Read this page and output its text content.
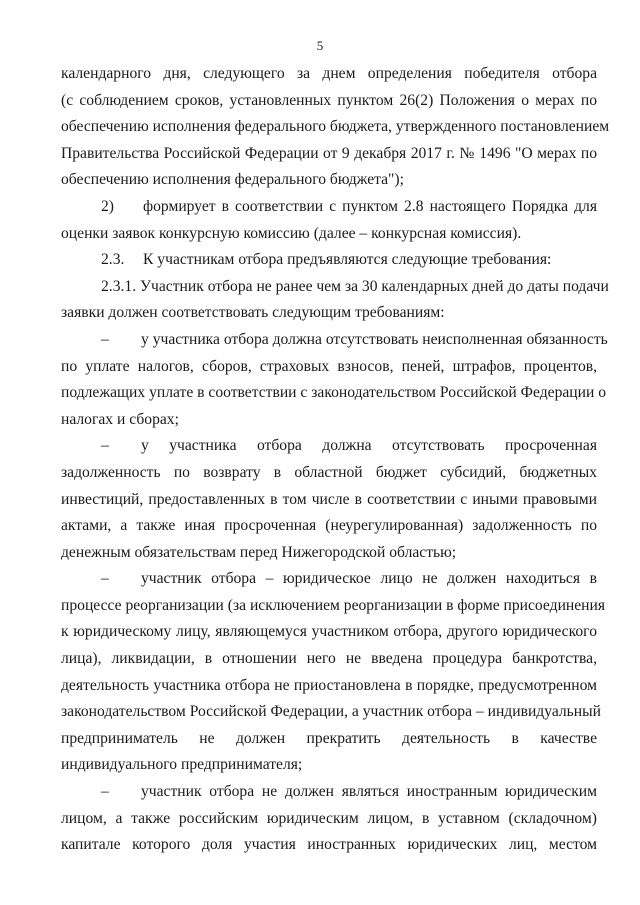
5
календарного дня, следующего за днем определения победителя отбора
(с соблюдением сроков, установленных пунктом 26(2) Положения о мерах по
обеспечению исполнения федерального бюджета, утвержденного постановлением
Правительства Российской Федерации от 9 декабря 2017 г. № 1496 "О мерах по
обеспечению исполнения федерального бюджета");
2)	формирует в соответствии с пунктом 2.8 настоящего Порядка для
оценки заявок конкурсную комиссию (далее – конкурсная комиссия).
2.3.	К участникам отбора предъявляются следующие требования:
2.3.1. Участник отбора не ранее чем за 30 календарных дней до даты подачи
заявки должен соответствовать следующим требованиям:
–	у участника отбора должна отсутствовать неисполненная обязанность
по уплате налогов, сборов, страховых взносов, пеней, штрафов, процентов,
подлежащих уплате в соответствии с законодательством Российской Федерации о
налогах и сборах;
–	у участника отбора должна отсутствовать просроченная
задолженность по возврату в областной бюджет субсидий, бюджетных
инвестиций, предоставленных в том числе в соответствии с иными правовыми
актами, а также иная просроченная (неурегулированная) задолженность по
денежным обязательствам перед Нижегородской областью;
–	участник отбора – юридическое лицо не должен находиться в
процессе реорганизации (за исключением реорганизации в форме присоединения
к юридическому лицу, являющемуся участником отбора, другого юридического
лица), ликвидации, в отношении него не введена процедура банкротства,
деятельность участника отбора не приостановлена в порядке, предусмотренном
законодательством Российской Федерации, а участник отбора – индивидуальный
предприниматель не должен прекратить деятельность в качестве
индивидуального предпринимателя;
–	участник отбора не должен являться иностранным юридическим
лицом, а также российским юридическим лицом, в уставном (складочном)
капитале которого доля участия иностранных юридических лиц, местом
